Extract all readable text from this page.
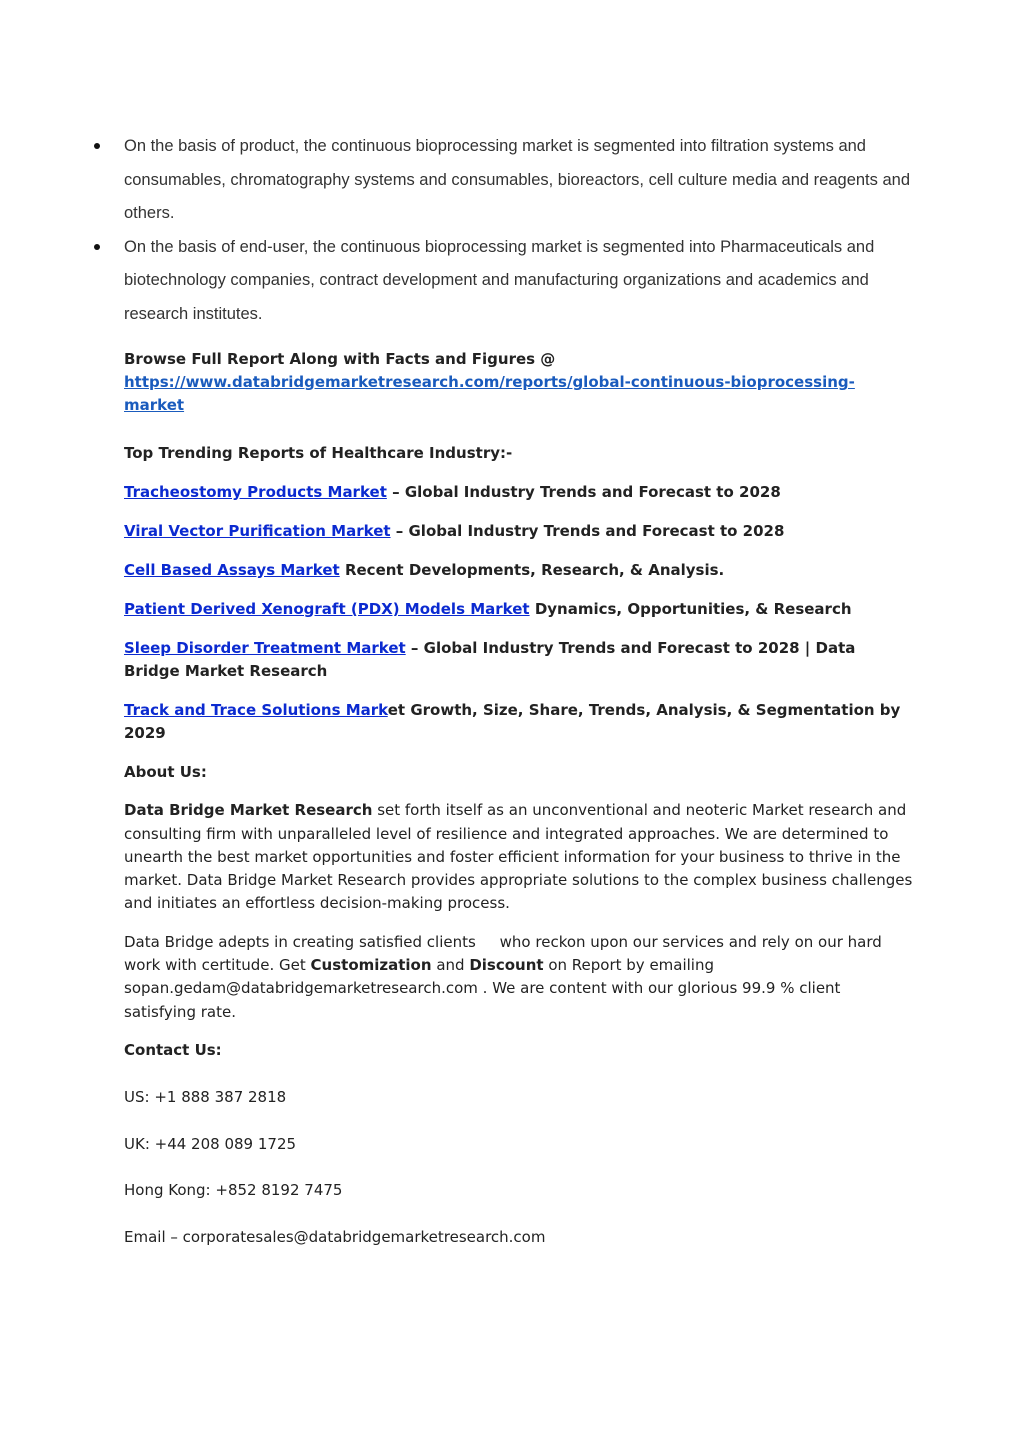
On the basis of product, the continuous bioprocessing market is segmented into filtration systems and consumables, chromatography systems and consumables, bioreactors, cell culture media and reagents and others.
On the basis of end-user, the continuous bioprocessing market is segmented into Pharmaceuticals and biotechnology companies, contract development and manufacturing organizations and academics and research institutes.

Browse Full Report Along with Facts and Figures @
https://www.databridgemarketresearch.com/reports/global-continuous-bioprocessing-market

Top Trending Reports of Healthcare Industry:-

Tracheostomy Products Market – Global Industry Trends and Forecast to 2028

Viral Vector Purification Market – Global Industry Trends and Forecast to 2028

Cell Based Assays Market Recent Developments, Research, & Analysis.

Patient Derived Xenograft (PDX) Models Market Dynamics, Opportunities, & Research

Sleep Disorder Treatment Market – Global Industry Trends and Forecast to 2028 | Data Bridge Market Research

Track and Trace Solutions Market Growth, Size, Share, Trends, Analysis, & Segmentation by 2029

About Us:

Data Bridge Market Research set forth itself as an unconventional and neoteric Market research and consulting firm with unparalleled level of resilience and integrated approaches. We are determined to unearth the best market opportunities and foster efficient information for your business to thrive in the market. Data Bridge Market Research provides appropriate solutions to the complex business challenges and initiates an effortless decision-making process.

Data Bridge adepts in creating satisfied clients     who reckon upon our services and rely on our hard work with certitude. Get Customization and Discount on Report by emailing sopan.gedam@databridgemarketresearch.com . We are content with our glorious 99.9 % client satisfying rate.

Contact Us:

US: +1 888 387 2818

UK: +44 208 089 1725

Hong Kong: +852 8192 7475

Email – corporatesales@databridgemarketresearch.com
